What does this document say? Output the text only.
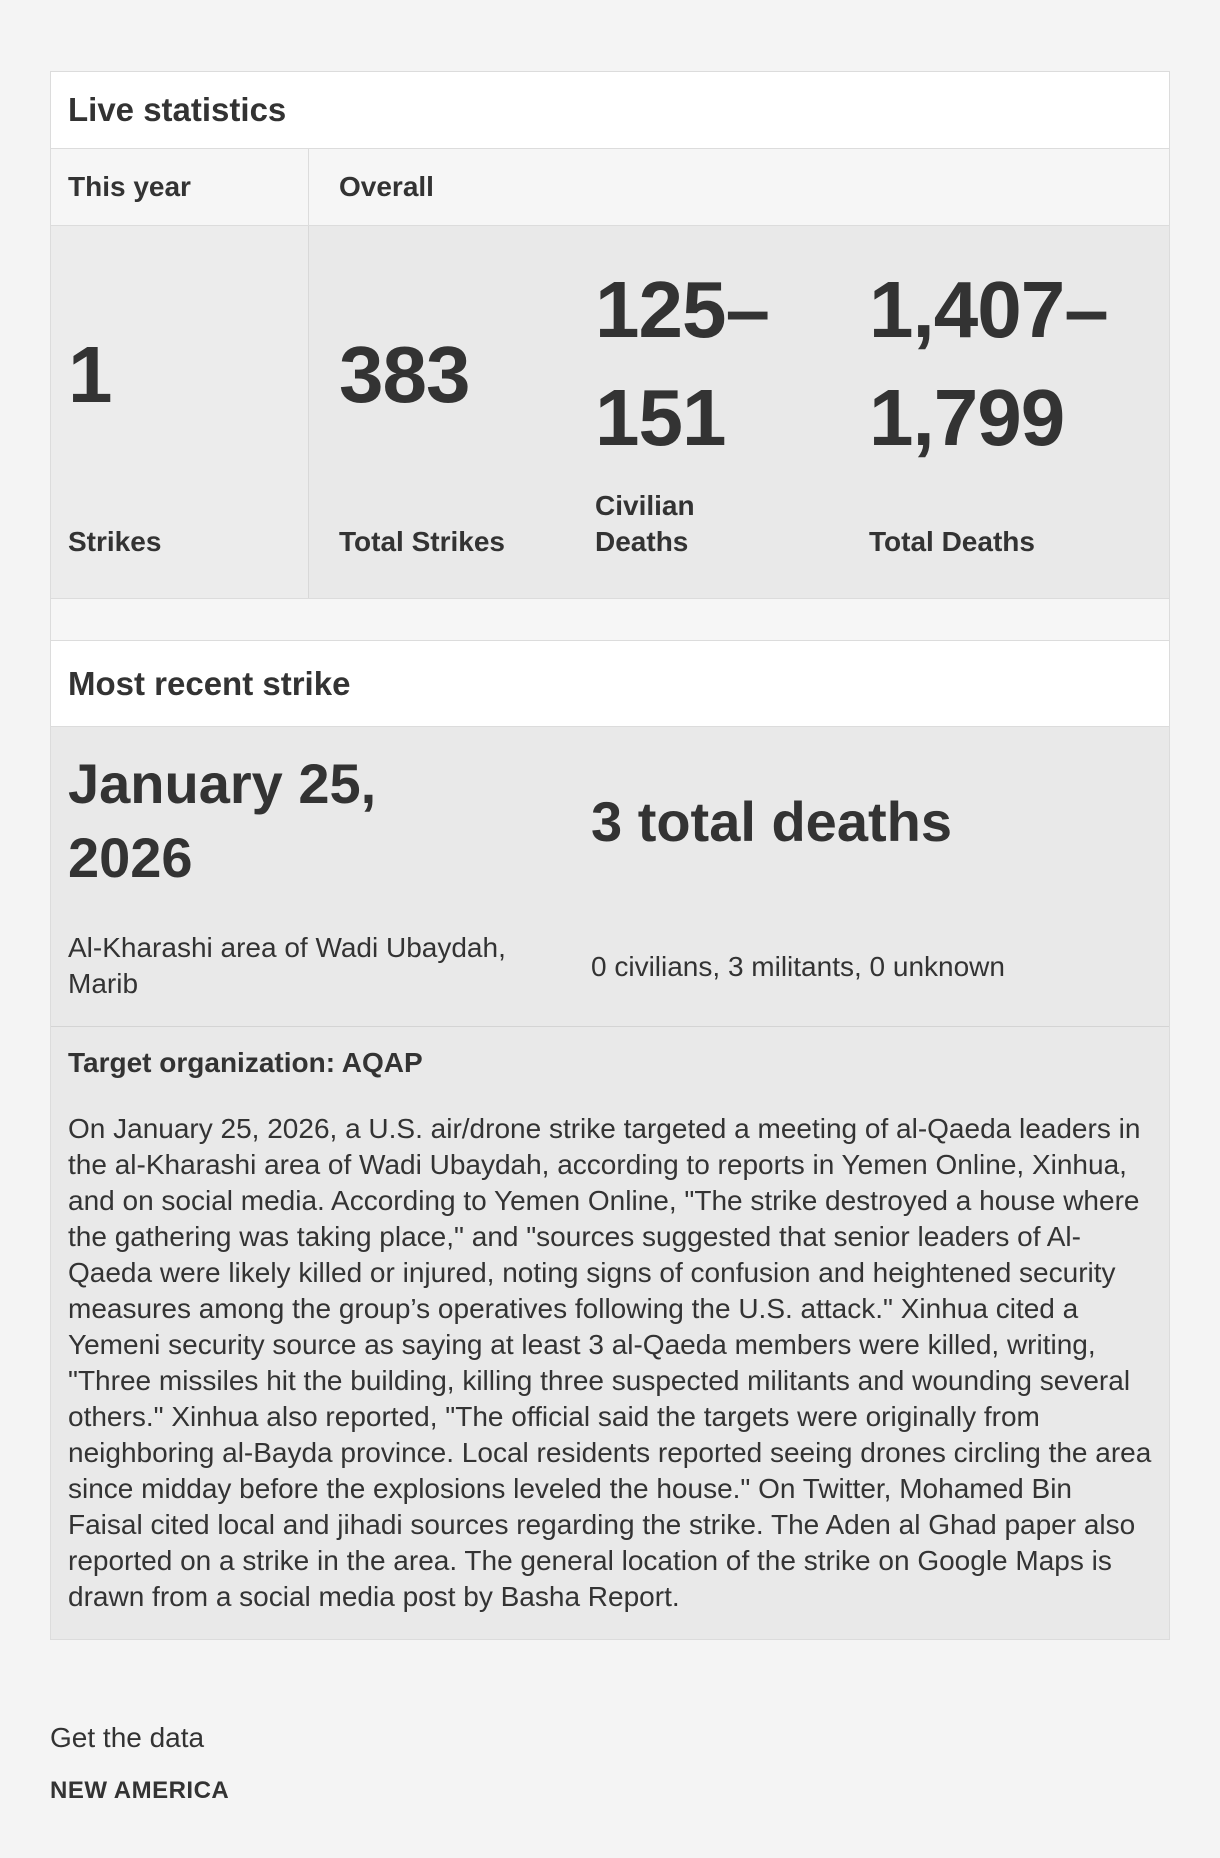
Live statistics
This year	Overall
1
Strikes
383
Total Strikes
125–
151
Civilian
Deaths
1,407–
1,799
Total Deaths
Most recent strike
January 25,
2026
Al-Kharashi area of Wadi Ubaydah,
Marib
3 total deaths
0 civilians, 3 militants, 0 unknown
Target organization: AQAP

On January 25, 2026, a U.S. air/drone strike targeted a meeting of al-Qaeda leaders in the al-Kharashi area of Wadi Ubaydah, according to reports in Yemen Online, Xinhua, and on social media. According to Yemen Online, "The strike destroyed a house where the gathering was taking place," and "sources suggested that senior leaders of Al-Qaeda were likely killed or injured, noting signs of confusion and heightened security measures among the group’s operatives following the U.S. attack." Xinhua cited a Yemeni security source as saying at least 3 al-Qaeda members were killed, writing, "Three missiles hit the building, killing three suspected militants and wounding several others." Xinhua also reported, "The official said the targets were originally from neighboring al-Bayda province. Local residents reported seeing drones circling the area since midday before the explosions leveled the house." On Twitter, Mohamed Bin Faisal cited local and jihadi sources regarding the strike. The Aden al Ghad paper also reported on a strike in the area. The general location of the strike on Google Maps is drawn from a social media post by Basha Report.

Get the data
NEW AMERICA
